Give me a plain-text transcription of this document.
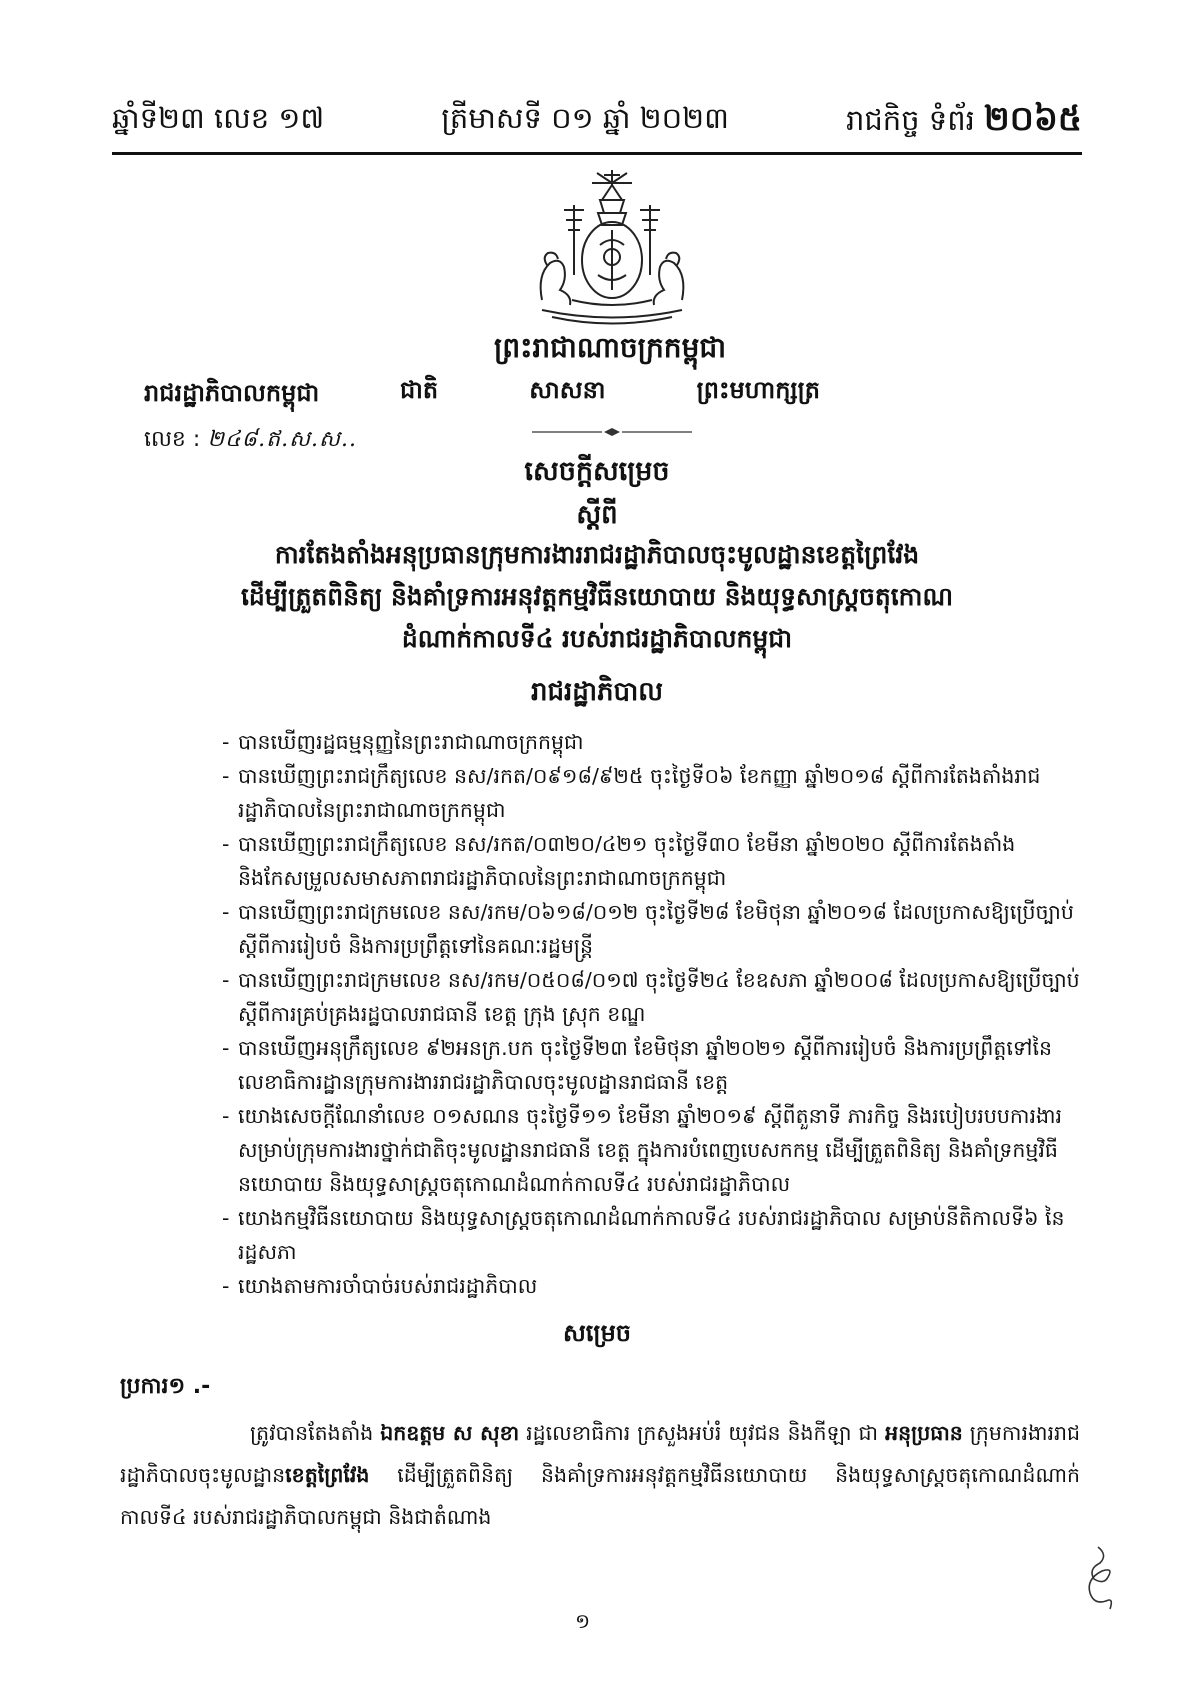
ឆ្នាំទី២៣ លេខ ១៧	ត្រីមាសទី ០១ ឆ្នាំ ២០២៣	រាជកិច្ច ទំព័រ ២០៦៥
ព្រះរាជាណាចក្រកម្ពុជា
ជាតិ	សាសនា	ព្រះមហាក្សត្រ
រាជរដ្ឋាភិបាលកម្ពុជា
លេខ : ២៤៨.ឥ.ស.ស..
សេចក្តីសម្រេច
ស្តីពី
ការតែងតាំងអនុប្រធានក្រុមការងាររាជរដ្ឋាភិបាលចុះមូលដ្ឋានខេត្តព្រៃវែង
ដើម្បីត្រួតពិនិត្យ និងគាំទ្រការអនុវត្តកម្មវិធីនយោបាយ និងយុទ្ធសាស្ត្រចតុកោណ
ដំណាក់កាលទី៤ របស់រាជរដ្ឋាភិបាលកម្ពុជា
រាជរដ្ឋាភិបាល
- បានឃើញរដ្ឋធម្មនុញ្ញនៃព្រះរាជាណាចក្រកម្ពុជា
- បានឃើញព្រះរាជក្រឹត្យលេខ នស/រកត/០៩១៨/៩២៥ ចុះថ្ងៃទី០៦ ខែកញ្ញា ឆ្នាំ២០១៨ ស្តីពីការតែងតាំងរាជរដ្ឋាភិបាលនៃព្រះរាជាណាចក្រកម្ពុជា
- បានឃើញព្រះរាជក្រឹត្យលេខ នស/រកត/០៣២០/៤២១ ចុះថ្ងៃទី៣០ ខែមីនា ឆ្នាំ២០២០ ស្តីពីការតែងតាំង និងកែសម្រួលសមាសភាពរាជរដ្ឋាភិបាលនៃព្រះរាជាណាចក្រកម្ពុជា
- បានឃើញព្រះរាជក្រមលេខ នស/រកម/០៦១៨/០១២ ចុះថ្ងៃទី២៨ ខែមិថុនា ឆ្នាំ២០១៨ ដែលប្រកាសឱ្យប្រើច្បាប់ស្តីពីការរៀបចំ និងការប្រព្រឹត្តទៅនៃគណៈរដ្ឋមន្ត្រី
- បានឃើញព្រះរាជក្រមលេខ នស/រកម/០៥០៨/០១៧ ចុះថ្ងៃទី២៤ ខែឧសភា ឆ្នាំ២០០៨ ដែលប្រកាសឱ្យប្រើច្បាប់ស្តីពីការគ្រប់គ្រងរដ្ឋបាលរាជធានី ខេត្ត ក្រុង ស្រុក ខណ្ឌ
- បានឃើញអនុក្រឹត្យលេខ ៩២អនក្រ.បក ចុះថ្ងៃទី២៣ ខែមិថុនា ឆ្នាំ២០២១ ស្តីពីការរៀបចំ និងការប្រព្រឹត្តទៅនៃលេខាធិការដ្ឋានក្រុមការងាររាជរដ្ឋាភិបាលចុះមូលដ្ឋានរាជធានី ខេត្ត
- យោងសេចក្តីណែនាំលេខ ០១សណន ចុះថ្ងៃទី១១ ខែមីនា ឆ្នាំ២០១៩ ស្តីពីតួនាទី ភារកិច្ច និងរបៀបរបបការងារសម្រាប់ក្រុមការងារថ្នាក់ជាតិចុះមូលដ្ឋានរាជធានី ខេត្ត ក្នុងការបំពេញបេសកកម្ម ដើម្បីត្រួតពិនិត្យ និងគាំទ្រកម្មវិធីនយោបាយ និងយុទ្ធសាស្ត្រចតុកោណដំណាក់កាលទី៤ របស់រាជរដ្ឋាភិបាល
- យោងកម្មវិធីនយោបាយ និងយុទ្ធសាស្ត្រចតុកោណដំណាក់កាលទី៤ របស់រាជរដ្ឋាភិបាល សម្រាប់នីតិកាលទី៦ នៃរដ្ឋសភា
- យោងតាមការចាំបាច់របស់រាជរដ្ឋាភិបាល
សម្រេច
ប្រការ១ .-

ត្រូវបានតែងតាំង ឯកឧត្តម ស សុខា រដ្ឋលេខាធិការ ក្រសួងអប់រំ យុវជន និងកីឡា ជា អនុប្រធាន ក្រុមការងាររាជរដ្ឋាភិបាលចុះមូលដ្ឋានខេត្តព្រៃវែង ដើម្បីត្រួតពិនិត្យ និងគាំទ្រការអនុវត្តកម្មវិធីនយោបាយ និងយុទ្ធសាស្ត្រចតុកោណដំណាក់កាលទី៤ របស់រាជរដ្ឋាភិបាលកម្ពុជា និងជាតំណាង

១
